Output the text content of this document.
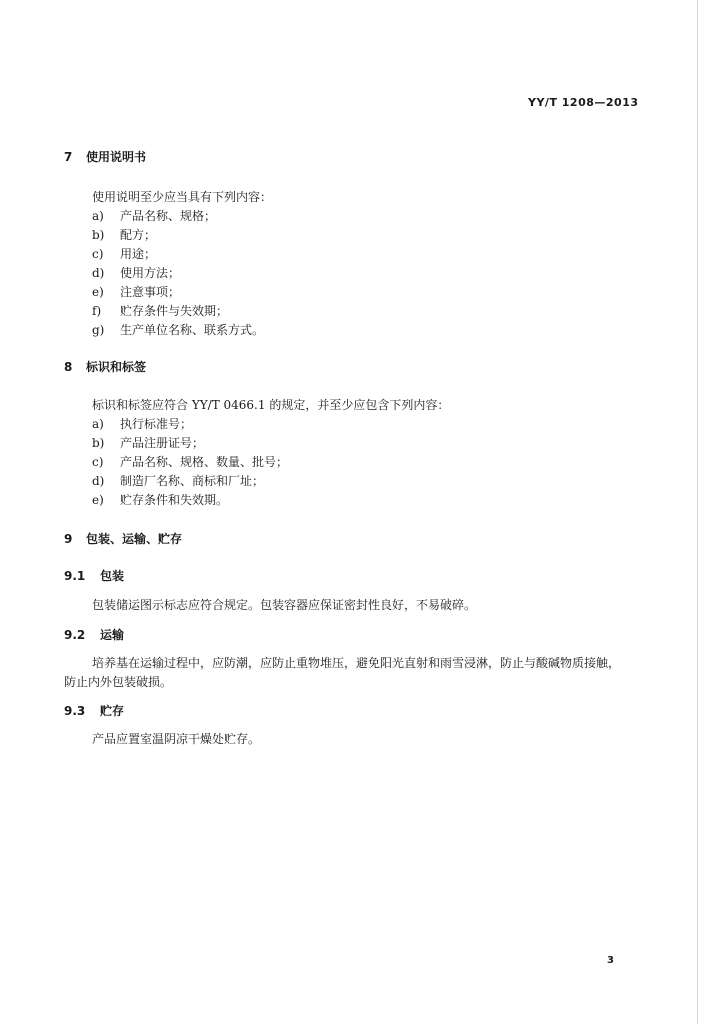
YY/T 1208—2013
7 使用说明书
使用说明至少应当具有下列内容：
a) 产品名称、规格；
b) 配方；
c) 用途；
d) 使用方法；
e) 注意事项；
f) 贮存条件与失效期；
g) 生产单位名称、联系方式。
8 标识和标签
标识和标签应符合 YY/T 0466.1 的规定，并至少应包含下列内容：
a) 执行标准号；
b) 产品注册证号；
c) 产品名称、规格、数量、批号；
d) 制造厂名称、商标和厂址；
e) 贮存条件和失效期。
9 包装、运输、贮存
9.1 包装
包装储运图示标志应符合规定。包装容器应保证密封性良好，不易破碎。
9.2 运输
培养基在运输过程中，应防潮，应防止重物堆压，避免阳光直射和雨雪浸淋，防止与酸碱物质接触，
防止内外包装破损。
9.3 贮存
产品应置室温阴凉干燥处贮存。
3
